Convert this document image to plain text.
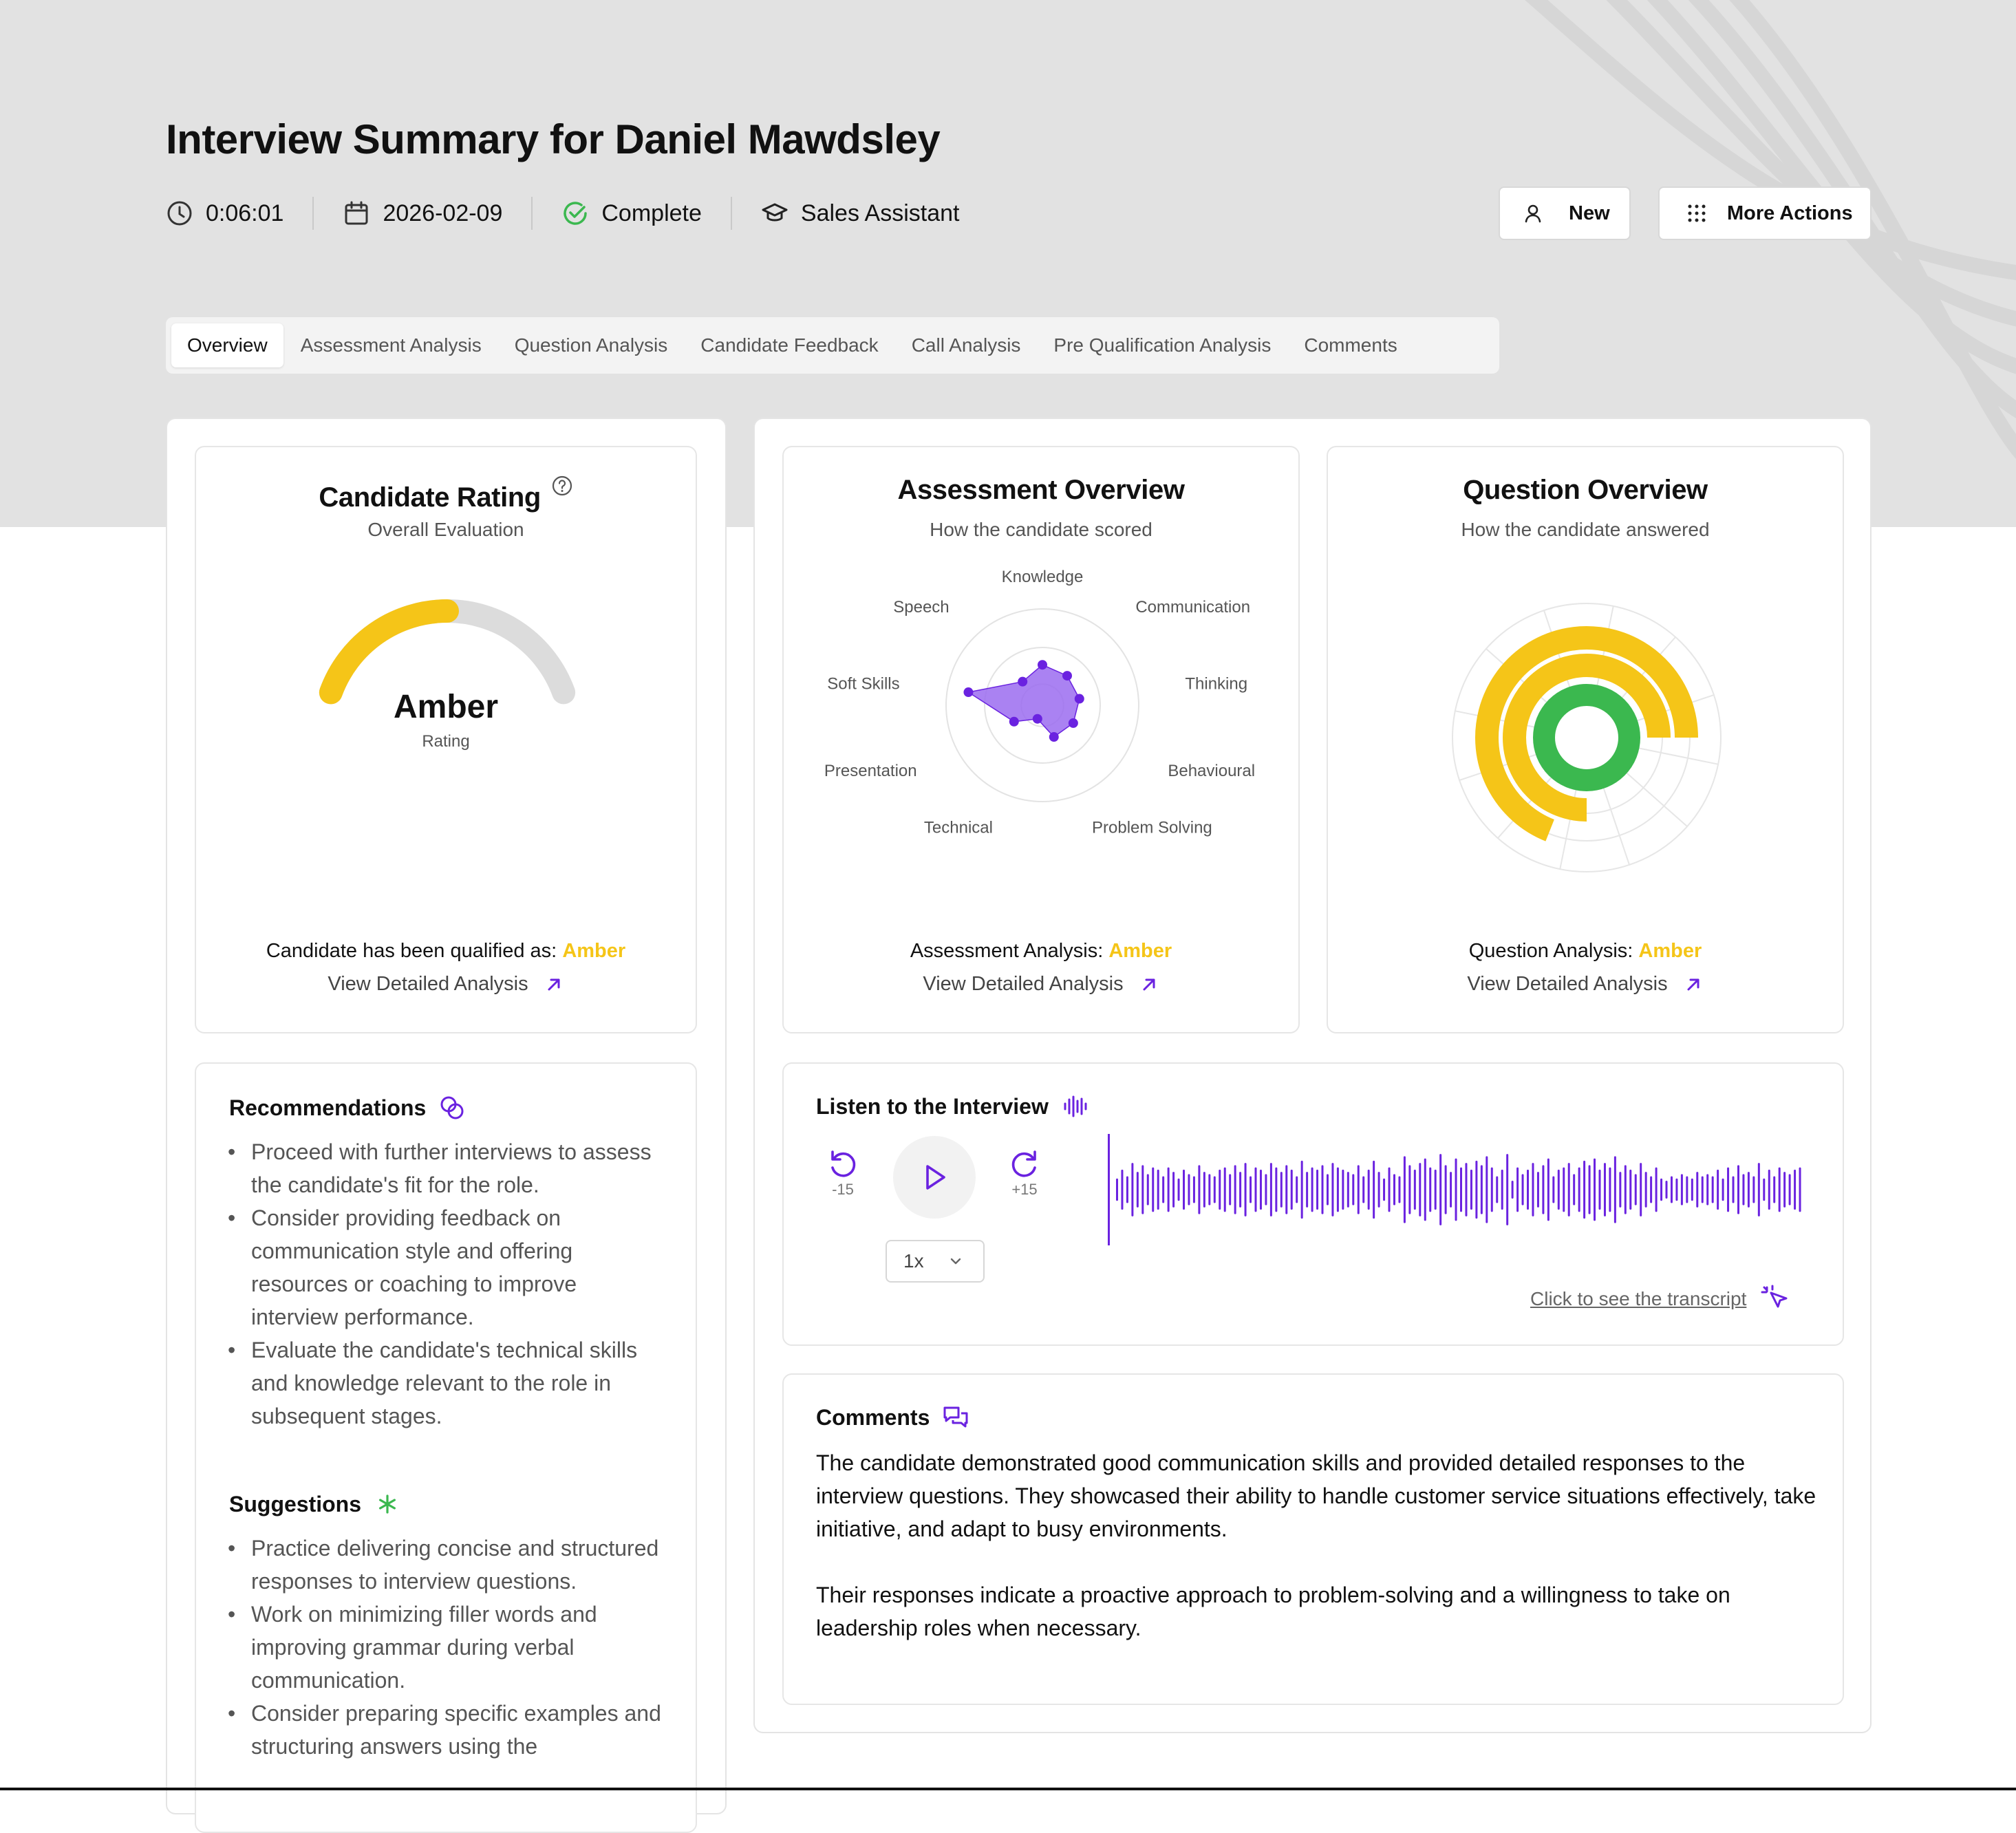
Interview Summary for Daniel Mawdsley
0:06:01	2026-02-09	Complete	Sales Assistant	New	More Actions
Overview	Assessment Analysis	Question Analysis	Candidate Feedback	Call Analysis	Pre Qualification Analysis	Comments
Candidate Rating
Overall Evaluation
Amber
Rating
Candidate has been qualified as: Amber
View Detailed Analysis
Recommendations
• Proceed with further interviews to assess the candidate's fit for the role.
• Consider providing feedback on communication style and offering resources or coaching to improve interview performance.
• Evaluate the candidate's technical skills and knowledge relevant to the role in subsequent stages.
Suggestions
• Practice delivering concise and structured responses to interview questions.
• Work on minimizing filler words and improving grammar during verbal communication.
• Consider preparing specific examples and structuring answers using the
Assessment Overview
How the candidate scored
Knowledge
Communication
Thinking
Behavioural
Problem Solving
Technical
Presentation
Soft Skills
Speech
Assessment Analysis: Amber
View Detailed Analysis
Question Overview
How the candidate answered
Question Analysis: Amber
View Detailed Analysis
Listen to the Interview
-15	+15
1x
Click to see the transcript
Comments

The candidate demonstrated good communication skills and provided detailed responses to the interview questions. They showcased their ability to handle customer service situations effectively, take initiative, and adapt to busy environments.

Their responses indicate a proactive approach to problem-solving and a willingness to take on leadership roles when necessary.
